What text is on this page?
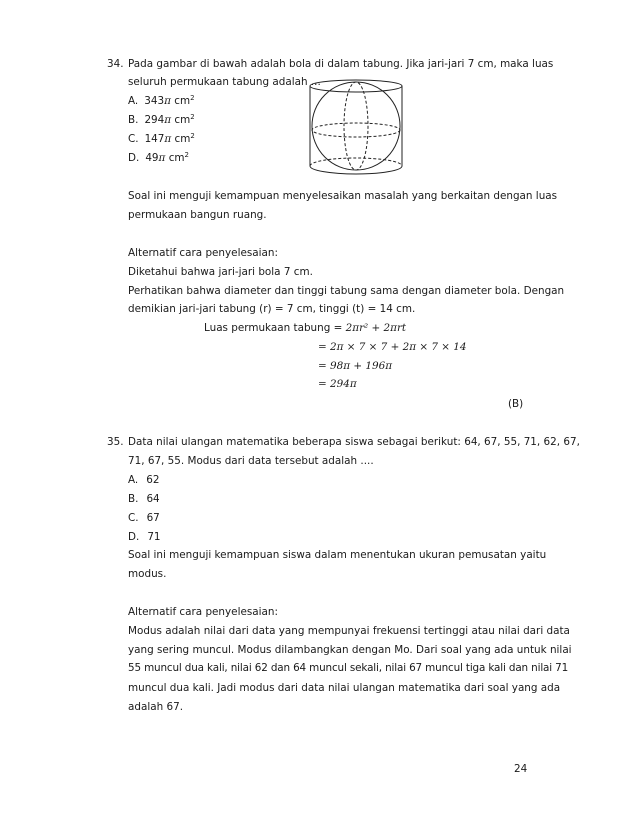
34. Pada gambar di bawah adalah bola di dalam tabung. Jika jari-jari 7 cm, maka luas
seluruh permukaan tabung adalah ...
A. 343π $cm^2$
B. 294π $cm^2$
C. 147π $cm^2$
D. 49π $cm^2$
Soal ini menguji kemampuan menyelesaikan masalah yang berkaitan dengan luas
permukaan bangun ruang.
Alternatif cara penyelesaian:
Diketahui bahwa jari-jari bola 7 cm.
Perhatikan bahwa diameter dan tinggi tabung sama dengan diameter bola. Dengan
demikian jari-jari tabung (r) = 7 cm, tinggi (t) = 14 cm.
Luas permukaan tabung = 2πr² + 2πrt
= 2π × 7 × 7 + 2π × 7 × 14
= 98π + 196π
= 294π
(B)
35. Data nilai ulangan matematika beberapa siswa sebagai berikut: 64, 67, 55, 71, 62, 67,
71, 67, 55. Modus dari data tersebut adalah ....
A. 62
B. 64
C. 67
D. 71
Soal ini menguji kemampuan siswa dalam menentukan ukuran pemusatan yaitu
modus.
Alternatif cara penyelesaian:
Modus adalah nilai dari data yang mempunyai frekuensi tertinggi atau nilai dari data
yang sering muncul. Modus dilambangkan dengan Mo. Dari soal yang ada untuk nilai
55 muncul dua kali, nilai 62 dan 64 muncul sekali, nilai 67 muncul tiga kali dan nilai 71
muncul dua kali. Jadi modus dari data nilai ulangan matematika dari soal yang ada
adalah 67.
24
